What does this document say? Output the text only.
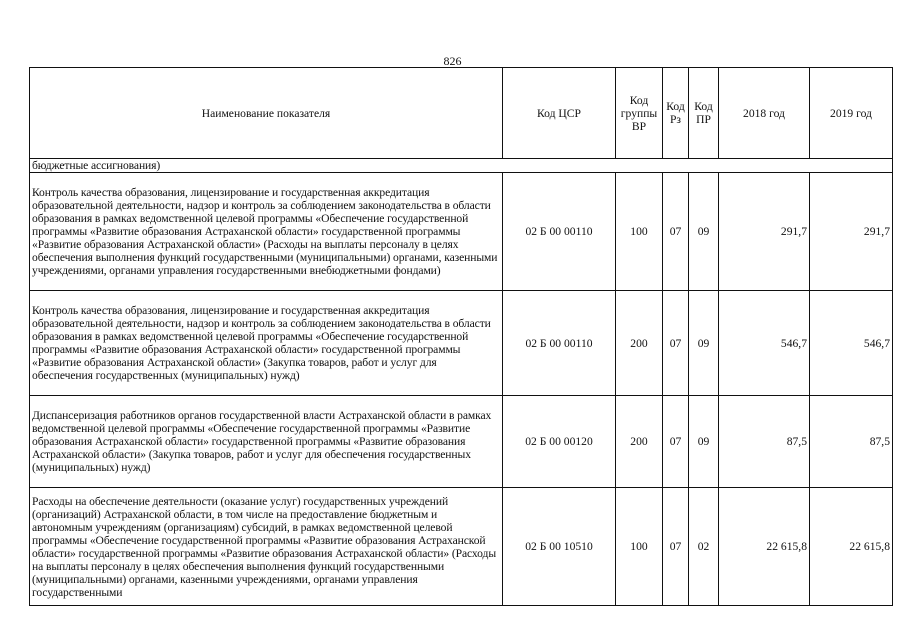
826
Наименование показателя	Код ЦСР	Код группы ВР	Код Рз	Код ПР	2018 год	2019 год
бюджетные ассигнования)						
Контроль качества образования, лицензирование и государственная аккредитация образовательной деятельности, надзор и контроль за соблюдением законодательства в области образования в рамках ведомственной целевой программы «Обеспечение государственной программы «Развитие образования Астраханской области» государственной программы «Развитие образования Астраханской области» (Расходы на выплаты персоналу в целях обеспечения выполнения функций государственными (муниципальными) органами, казенными учреждениями, органами управления государственными внебюджетными фондами)	02 Б 00 00110	100	07	09	291,7	291,7
Контроль качества образования, лицензирование и государственная аккредитация образовательной деятельности, надзор и контроль за соблюдением законодательства в области образования в рамках ведомственной целевой программы «Обеспечение государственной программы «Развитие образования Астраханской области» государственной программы «Развитие образования Астраханской области» (Закупка товаров, работ и услуг для обеспечения государственных (муниципальных) нужд)	02 Б 00 00110	200	07	09	546,7	546,7
Диспансеризация работников органов государственной власти Астраханской области в рамках ведомственной целевой программы «Обеспечение государственной программы «Развитие образования Астраханской области» государственной программы «Развитие образования Астраханской области» (Закупка товаров, работ и услуг для обеспечения государственных (муниципальных) нужд)	02 Б 00 00120	200	07	09	87,5	87,5
Расходы на обеспечение деятельности (оказание услуг) государственных учреждений (организаций) Астраханской области, в том числе на предоставление бюджетным и автономным учреждениям (организациям) субсидий, в рамках ведомственной целевой программы «Обеспечение государственной программы «Развитие образования Астраханской области» государственной программы «Развитие образования Астраханской области» (Расходы на выплаты персоналу в целях обеспечения выполнения функций государственными (муниципальными) органами, казенными учреждениями, органами управления государственными	02 Б 00 10510	100	07	02	22 615,8	22 615,8
